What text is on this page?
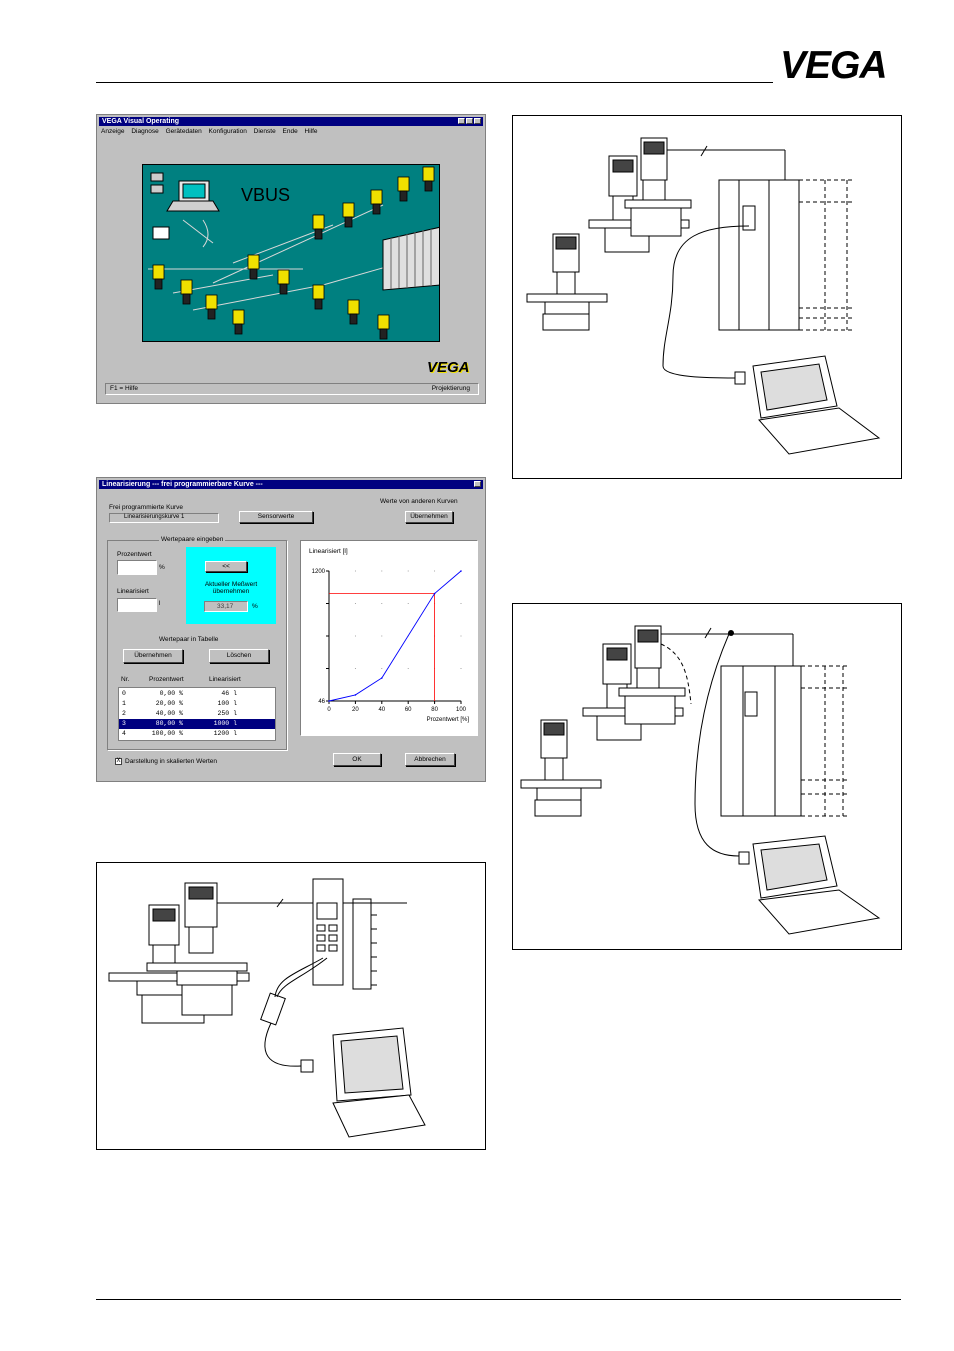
VEGA
VEGA Visual Operating
Anzeige Diagnose Gerätedaten Konfiguration Dienste Ende Hilfe
VBUS
VEGA
F1 = Hilfe	Projektierung
Linearisierung --- frei programmierbare Kurve ---
Frei programmierte Kurve
Linearisierungskurve 1	Sensorwerte
Werte von anderen Kurven
Übernehmen
Wertepaare eingeben
Prozentwert
%
Linearisiert
l
<<
Aktueller Meßwert
übernehmen
33,17	%
Wertepaar in Tabelle
Übernehmen	Löschen
Nr.	Prozentwert	Linearisiert
0	0,00 %	46 l
1	20,00 %	100 l
2	40,00 %	250 l
3	80,00 %	1000 l
4	100,00 %	1200 l
X Darstellung in skalierten Werten	OK	Abbrechen
Linearisiert [l]
0	20	40	60	80	100
46
1200
Prozentwert [%]
